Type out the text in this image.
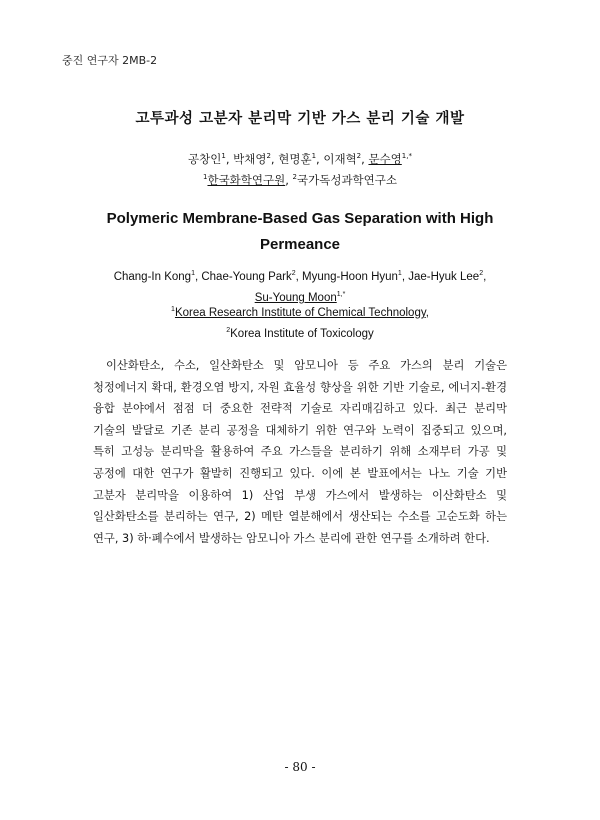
중진 연구자 2MB-2
고투과성 고분자 분리막 기반 가스 분리 기술 개발
공창인$^1$, 박채영$^2$, 현명훈$^1$, 이재혁$^2$, 문수영$^{1,*}$
$^1$한국화학연구원, $^2$국가독성과학연구소
Polymeric Membrane-Based Gas Separation with High Permeance
Chang-In Kong$^1$, Chae-Young Park$^2$, Myung-Hoon Hyun$^1$, Jae-Hyuk Lee$^2$,
Su-Young Moon$^{1,*}$
$^1$Korea Research Institute of Chemical Technology,
$^2$Korea Institute of Toxicology
이산화탄소, 수소, 일산화탄소 및 암모니아 등 주요 가스의 분리 기술은 청정에너지 확대, 환경오염 방지, 자원 효율성 향상을 위한 기반 기술로, 에너지-환경 융합 분야에서 점점 더 중요한 전략적 기술로 자리매김하고 있다. 최근 분리막 기술의 발달로 기존 분리 공정을 대체하기 위한 연구와 노력이 집중되고 있으며, 특히 고성능 분리막을 활용하여 주요 가스들을 분리하기 위해 소재부터 가공 및 공정에 대한 연구가 활발히 진행되고 있다. 이에 본 발표에서는 나노 기술 기반 고분자 분리막을 이용하여 1) 산업 부생 가스에서 발생하는 이산화탄소 및 일산화탄소를 분리하는 연구, 2) 메탄 열분해에서 생산되는 수소를 고순도화 하는 연구, 3) 하·폐수에서 발생하는 암모니아 가스 분리에 관한 연구를 소개하려 한다.
- 80 -
